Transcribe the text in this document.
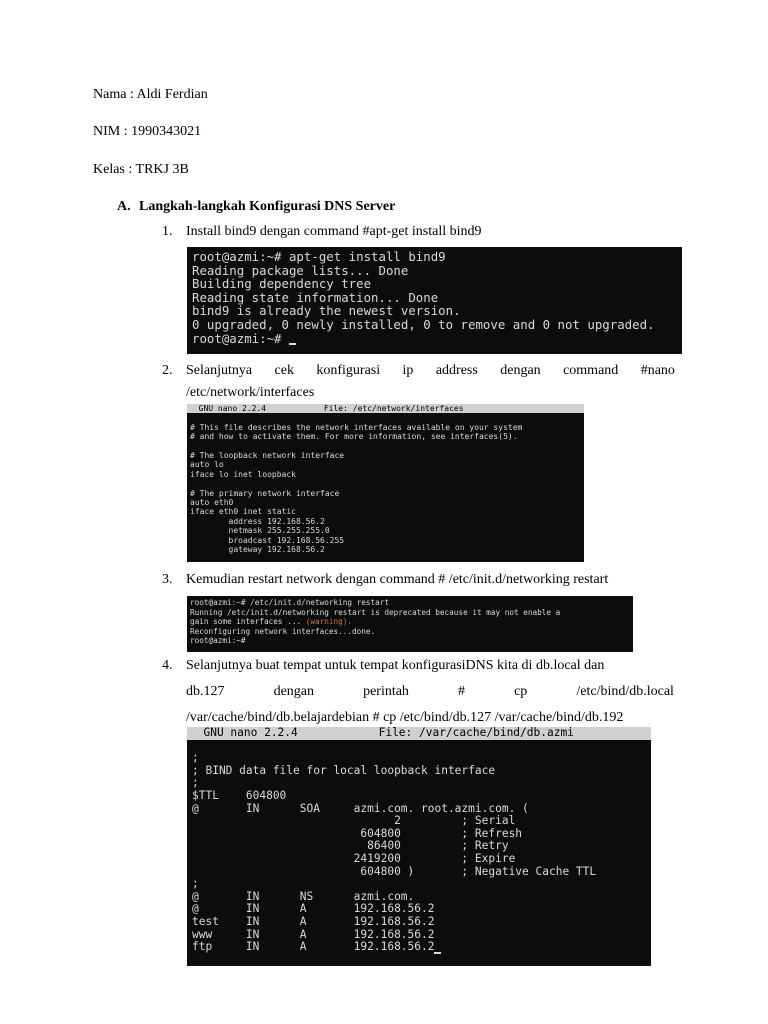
Nama : Aldi Ferdian
NIM : 1990343021
Kelas : TRKJ 3B
A. Langkah-langkah Konfigurasi DNS Server
1. Install bind9 dengan command #apt-get install bind9
root@azmi:~# apt-get install bind9
Reading package lists... Done
Building dependency tree
Reading state information... Done
bind9 is already the newest version.
0 upgraded, 0 newly installed, 0 to remove and 0 not upgraded.
root@azmi:~#
2. Selanjutnya cek konfigurasi ip address dengan command #nano
/etc/network/interfaces
GNU nano 2.2.4            File: /etc/network/interfaces

# This file describes the network interfaces available on your system
# and how to activate them. For more information, see interfaces(5).

# The loopback network interface
auto lo
iface lo inet loopback

# The primary network interface
auto eth0
iface eth0 inet static
address 192.168.56.2
netmask 255.255.255.0
broadcast 192.168.56.255
gateway 192.168.56.2
3. Kemudian restart network dengan command # /etc/init.d/networking restart
root@azmi:~# /etc/init.d/networking restart
Running /etc/init.d/networking restart is deprecated because it may not enable a
gain some interfaces ... (warning).
Reconfiguring network interfaces...done.
root@azmi:~#
4. Selanjutnya buat tempat untuk tempat konfigurasiDNS kita di db.local dan
db.127	dengan	perintah	#	cp	/etc/bind/db.local
/var/cache/bind/db.belajardebian # cp /etc/bind/db.127 /var/cache/bind/db.192
GNU nano 2.2.4            File: /var/cache/bind/db.azmi

;
; BIND data file for local loopback interface
;
$TTL    604800
@       IN      SOA     azmi.com. root.azmi.com. (
2         ; Serial
604800         ; Refresh
86400         ; Retry
2419200         ; Expire
604800 )       ; Negative Cache TTL
;
@       IN      NS      azmi.com.
@       IN      A       192.168.56.2
test    IN      A       192.168.56.2
www     IN      A       192.168.56.2
ftp     IN      A       192.168.56.2
